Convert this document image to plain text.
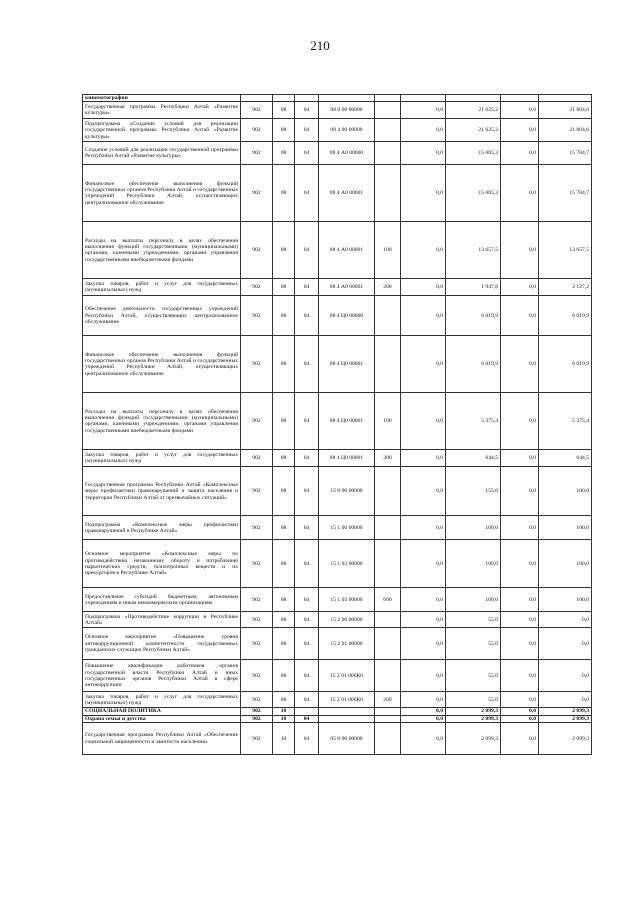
210
кинематографии									
Государственная программа Республики Алтай «Развитие культуры»	902	08	04	08 0 00 00000		0,0	21 625,2	0,0	21 804,6
Подпрограмма «Создание условий для реализации государственной программы Республики Алтай «Развитие культуры»	902	08	04	08 4 00 00000		0,0	21 625,2	0,0	21 804,6
Создание условий для реализации государственной программы Республики Алтай «Развитие культуры»	902	08	04	08 4 А0 00000		0,0	15 605,3	0,0	15 784,7
Финансовое обеспечение выполнения функций государственных органов Республики Алтай и государственных учреждений Республики Алтай, осуществляющих централизованное обслуживание	902	08	04	08 4 А0 00001		0,0	15 605,3	0,0	15 784,7
Расходы на выплаты персоналу в целях обеспечения выполнения функций государственными (муниципальными) органами, казенными учреждениями, органами управления государственными внебюджетными фондами	902	08	04	08 4 А0 00001	100	0,0	13 657,5	0,0	13 657,5
Закупка товаров, работ и услуг для государственных (муниципальных) нужд	902	08	04	08 4 А0 00001	200	0,0	1 947,8	0,0	2 127,2
Обеспечение деятельности государственных учреждений Республики Алтай, осуществляющих централизованное обслуживание	902	08	04	08 4 Ц0 00000		0,0	6 019,9	0,0	6 019,9
Финансовое обеспечение выполнения функций государственных органов Республики Алтай и государственных учреждений Республики Алтай, осуществляющих централизованное обслуживание	902	08	04	08 4 Ц0 00001		0,0	6 019,9	0,0	6 019,9
Расходы на выплаты персоналу в целях обеспечения выполнения функций государственными (муниципальными) органами, казенными учреждениями, органами управления государственными внебюджетными фондами	902	08	04	08 4 Ц0 00001	100	0,0	5 375,4	0,0	5 375,4
Закупка товаров, работ и услуг для государственных (муниципальных) нужд	902	08	04	08 4 Ц0 00001	200	0,0	644,5	0,0	644,5
Государственная программа Республики Алтай «Комплексные меры профилактики правонарушений и защита населения и территории Республики Алтай от чрезвычайных ситуаций»	902	08	04	15 0 00 00000		0,0	155,0	0,0	100,0
Подпрограмма «Комплексные меры профилактики правонарушений в Республике Алтай»	902	08	04	15 1 00 00000		0,0	100,0	0,0	100,0
Основное мероприятие «Комплексные меры по противодействию незаконному обороту и потреблению наркотических средств, психотропных веществ и их прекурсоров в Республике Алтай»	902	08	04	15 1 03 00000		0,0	100,0	0,0	100,0
Предоставление субсидий бюджетным, автономным учреждениям и иным некоммерческим организациям	902	08	04	15 1 03 00000	600	0,0	100,0	0,0	100,0
Подпрограмма «Противодействие коррупции в Республике Алтай»	902	08	04	15 2 00 00000		0,0	55,0	0,0	0,0
Основное мероприятие «Повышение уровня антикоррупционной компетентности государственных гражданских служащих Республики Алтай»	902	08	04	15 2 01 00000		0,0	55,0	0,0	0,0
Повышение квалификации работников органов государственной власти Республики Алтай и иных государственных органов Республики Алтай в сфере антикоррупции	902	08	04	15 2 01 000К0		0,0	55,0	0,0	0,0
Закупка товаров, работ и услуг для государственных (муниципальных) нужд	902	08	04	15 2 01 000К0	200	0,0	55,0	0,0	0,0
СОЦИАЛЬНАЯ ПОЛИТИКА	902	10				0,0	2 099,3	0,0	2 099,3
Охрана семьи и детства	902	10	04			0,0	2 099,3	0,0	2 099,3
Государственная программа Республики Алтай «Обеспечение социальной защищенности и занятости населения»	902	10	04	05 0 00 00000		0,0	2 099,3	0,0	2 099,3
